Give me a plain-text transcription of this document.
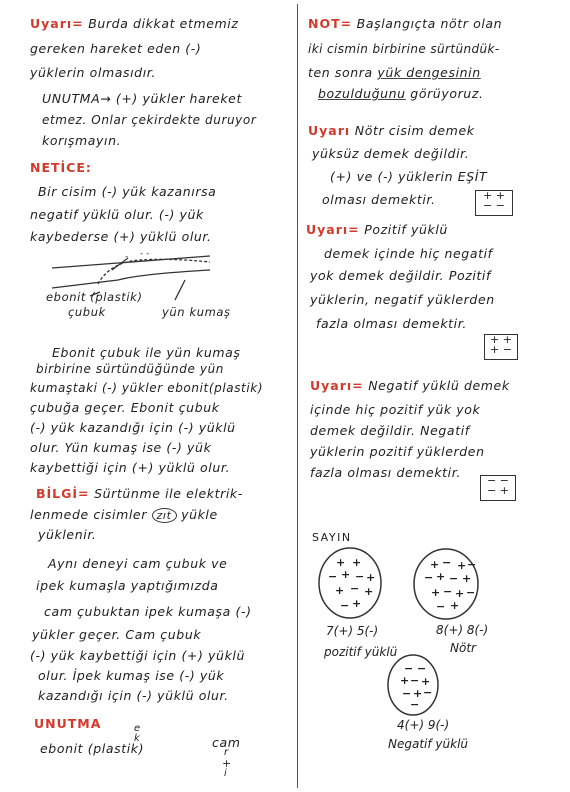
Uyarı= Burda dikkat etmemiz
gereken hareket eden (-)
yüklerin olmasıdır.
UNUTMA→ (+) yükler hareket
etmez. Onlar çekirdekte duruyor
korışmayın.
NETİCE:
Bir cisim (-) yük kazanırsa
negatif yüklü olur. (-) yük
kaybederse (+) yüklü olur.
- - -
ebonit (plastik)
çubuk	yün kumaş
Ebonit çubuk ile yün kumaş
birbirine sürtündüğünde yün
kumaştaki (-) yükler ebonit(plastik)
çubuğa geçer. Ebonit çubuk
(-) yük kazandığı için (-) yüklü
olur. Yün kumaş ise (-) yük
kaybettiği için (+) yüklü olur.
BİLGİ= Sürtünme ile elektrik-
lenmede cisimler zıt yükle
yüklenir.
Aynı deneyi cam çubuk ve
ipek kumaşla yaptığımızda
cam çubuktan ipek kumaşa (-)
yükler geçer. Cam çubuk
(-) yük kaybettiği için (+) yüklü
olur. İpek kumaş ise (-) yük
kazandığı için (-) yüklü olur.
UNUTMA	e
k
ebonit (plastik)	cam
r
+
i
NOT= Başlangıçta nötr olan
iki cismin birbirine sürtündük-
ten sonra yük dengesinin
bozulduğunu görüyoruz.
Uyarı Nötr cisim demek
yüksüz demek değildir.
(+) ve (-) yüklerin EŞİT
olması demektir.	+ +
− −
Uyarı= Pozitif yüklü
demek içinde hiç negatif
yok demek değildir. Pozitif
yüklerin, negatif yüklerden
fazla olması demektir.
+ +
+ −
Uyarı= Negatif yüklü demek
içinde hiç pozitif yük yok
demek değildir. Negatif
yüklerin pozitif yüklerden
fazla olması demektir.
− −
− +
SAYIN
+ +
− + − +
+ − +
− +
+ − + −
− + − +
+ − + −
− +
− −
+ − +
− + −
−
7(+) 5(-)
pozitif yüklü
8(+) 8(-)
Nötr
4(+) 9(-)
Negatif yüklü
